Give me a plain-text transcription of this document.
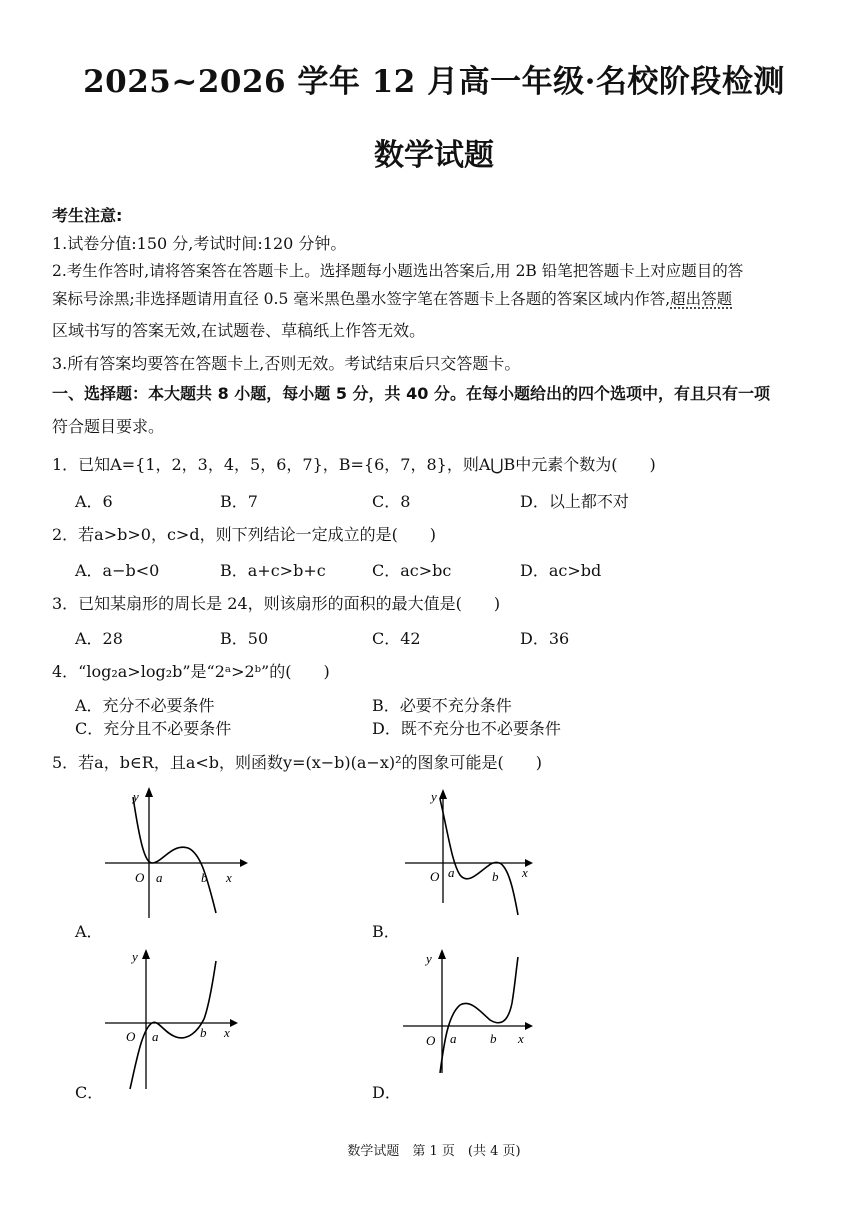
2025~2026 学年 12 月高一年级·名校阶段检测
数学试题
考生注意:
1.试卷分值:150 分,考试时间:120 分钟。
2.考生作答时,请将答案答在答题卡上。选择题每小题选出答案后,用 2B 铅笔把答题卡上对应题目的答
案标号涂黑;非选择题请用直径 0.5 毫米黑色墨水签字笔在答题卡上各题的答案区域内作答,超出答题
区域书写的答案无效,在试题卷、草稿纸上作答无效。
3.所有答案均要答在答题卡上,否则无效。考试结束后只交答题卡。
一、选择题：本大题共 8 小题，每小题 5 分，共 40 分。在每小题给出的四个选项中，有且只有一项
符合题目要求。
1．已知A={1，2，3，4，5，6，7}，B={6，7，8}，则A⋃B中元素个数为(　　)
A．6	B．7	C．8	D．以上都不对
2．若a>b>0，c>d，则下列结论一定成立的是(　　)
A．a−b<0	B．a+c>b+c	C．ac>bc	D．ac>bd
3．已知某扇形的周长是 24，则该扇形的面积的最大值是(　　)
A．28	B．50	C．42	D．36
4．“log₂a>log₂b”是“2ᵃ>2ᵇ”的(　　)
A．充分不必要条件	B．必要不充分条件
C．充分且不必要条件	D．既不充分也不必要条件
5．若a，b∈R，且a<b，则函数y=(x−b)(a−x)²的图象可能是(　　)
y
O a	b x
A．
y
O a	b x
B．
y
O a	b x
C．
y
O a	b x
D．
数学试题　第 1 页　(共 4 页)
